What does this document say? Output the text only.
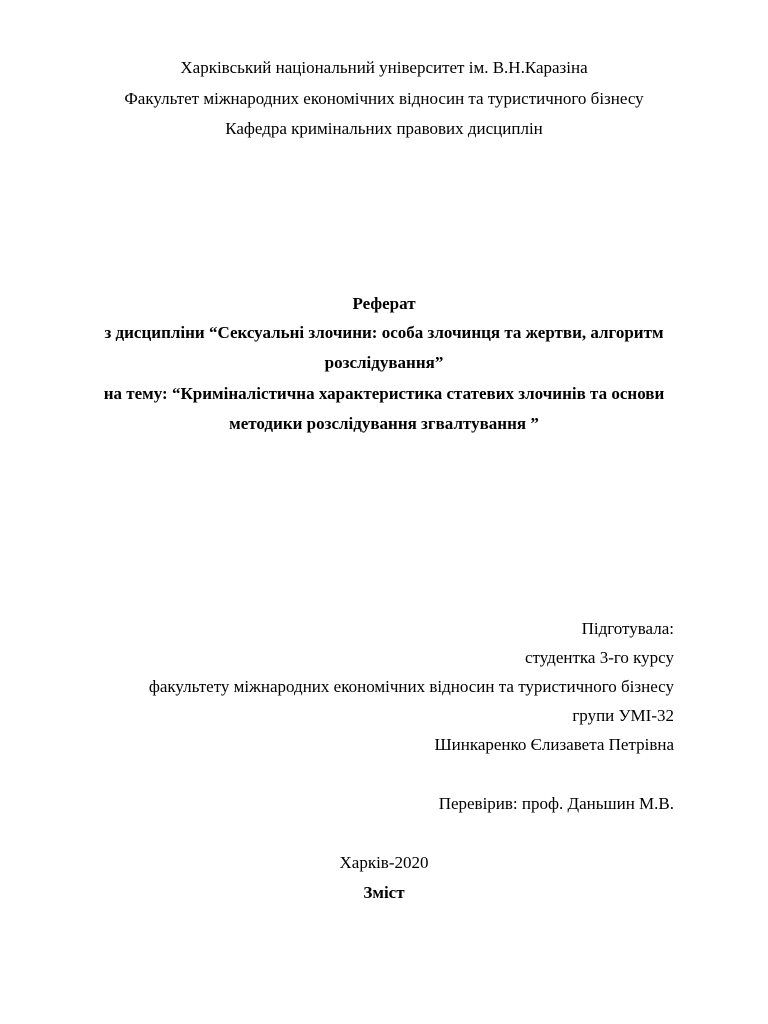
Харківський національний університет ім. В.Н.Каразіна
Факультет міжнародних економічних відносин та туристичного бізнесу
Кафедра кримінальних правових дисциплін
Реферат
з дисципліни “Сексуальні злочини: особа злочинця та жертви, алгоритм
розслідування”
на тему: “Криміналістична характеристика статевих злочинів та основи
методики розслідування згвалтування ”
Підготувала:
студентка 3-го курсу
факультету міжнародних економічних відносин та туристичного бізнесу
групи УМІ-32
Шинкаренко Єлизавета Петрівна
Перевірив: проф. Даньшин М.В.
Харків-2020
Зміст
